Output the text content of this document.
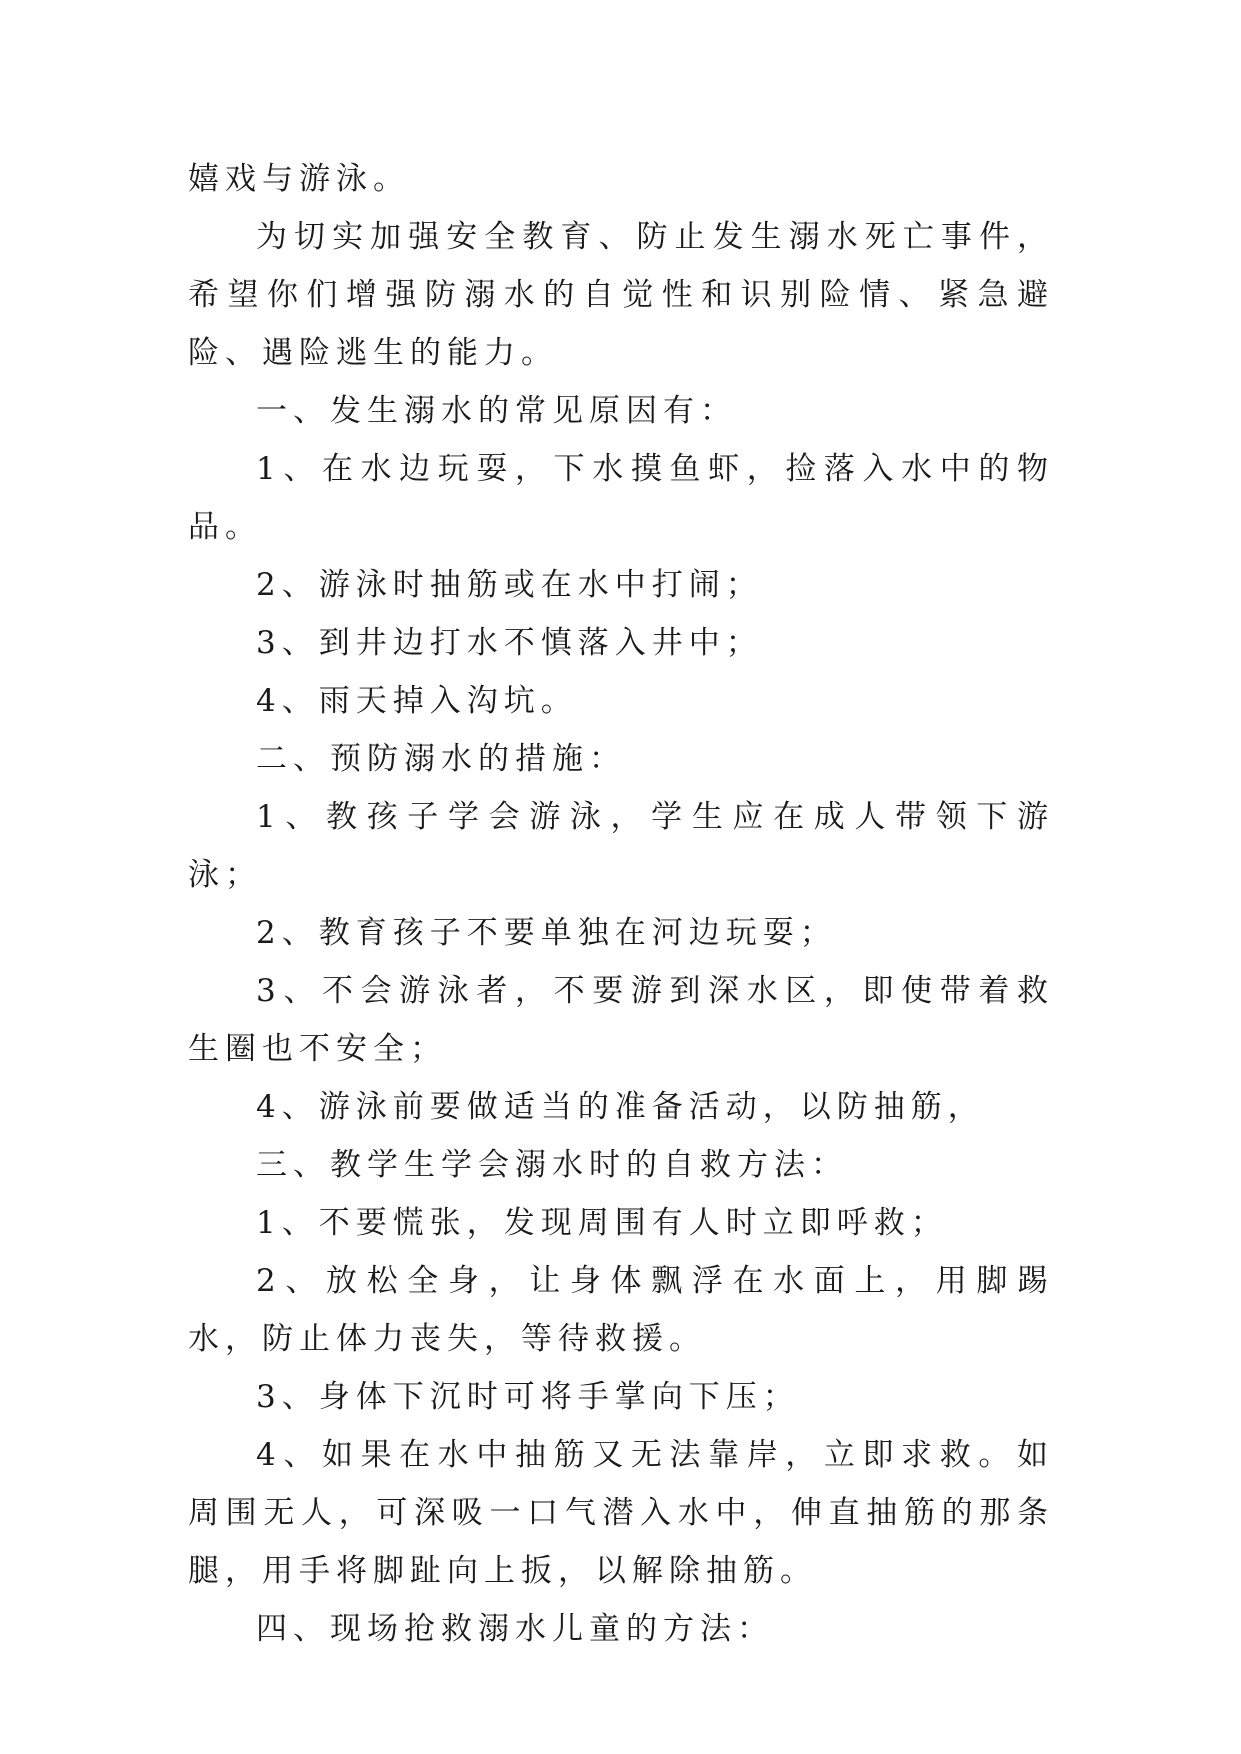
嬉戏与游泳。

为切实加强安全教育、防止发生溺水死亡事件，希望你们增强防溺水的自觉性和识别险情、紧急避险、遇险逃生的能力。

一、发生溺水的常见原因有：

1、在水边玩耍，下水摸鱼虾，捡落入水中的物品。

2、游泳时抽筋或在水中打闹；

3、到井边打水不慎落入井中；

4、雨天掉入沟坑。

二、预防溺水的措施：

1、教孩子学会游泳，学生应在成人带领下游泳；

2、教育孩子不要单独在河边玩耍；

3、不会游泳者，不要游到深水区，即使带着救生圈也不安全；

4、游泳前要做适当的准备活动，以防抽筋，

三、教学生学会溺水时的自救方法：

1、不要慌张，发现周围有人时立即呼救；

2、放松全身，让身体飘浮在水面上，用脚踢水，防止体力丧失，等待救援。

3、身体下沉时可将手掌向下压；

4、如果在水中抽筋又无法靠岸，立即求救。如周围无人，可深吸一口气潜入水中，伸直抽筋的那条腿，用手将脚趾向上扳，以解除抽筋。

四、现场抢救溺水儿童的方法：
